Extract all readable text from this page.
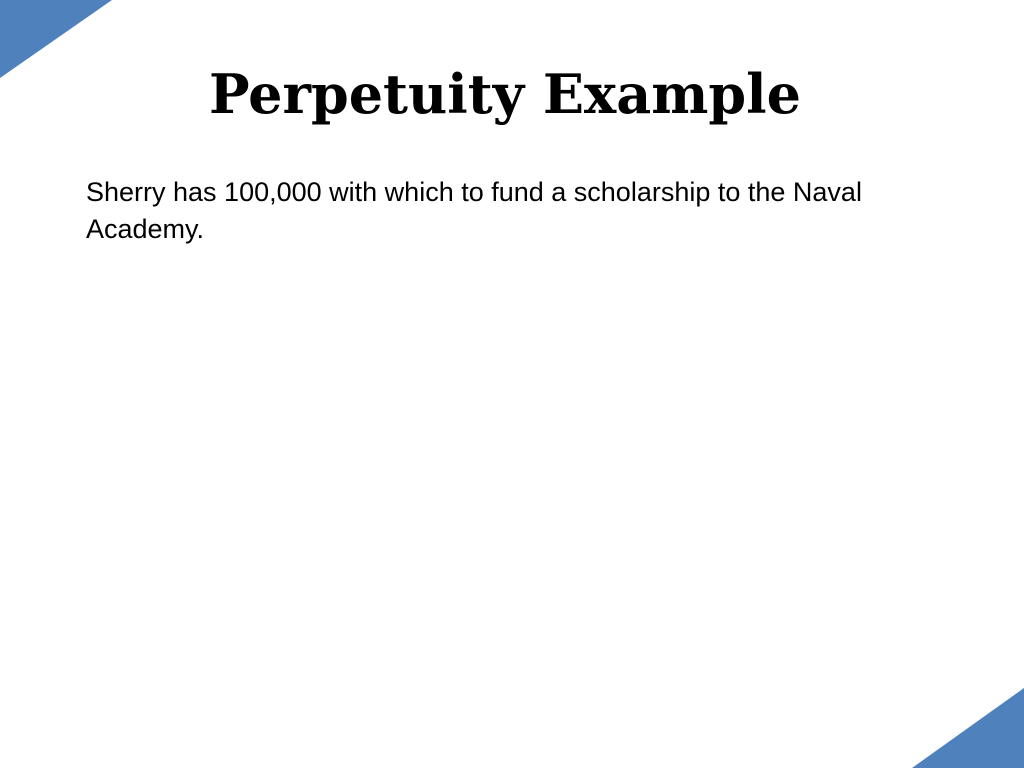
Perpetuity Example

Sherry has 100,000 with which to fund a scholarship to the Naval Academy.
